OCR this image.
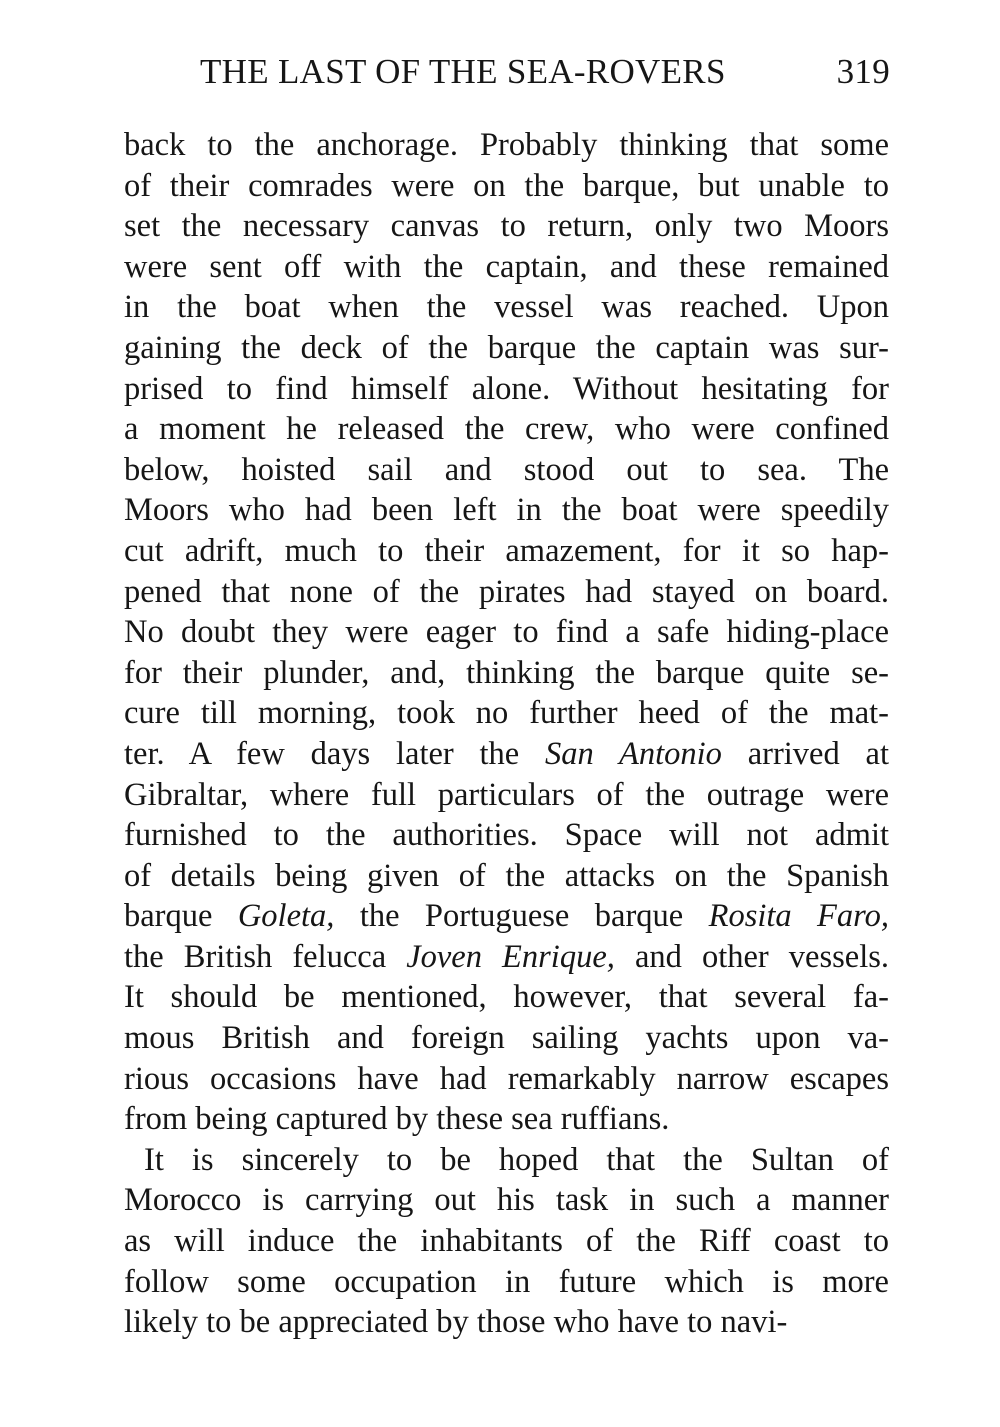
THE LAST OF THE SEA-ROVERS	319
back to the anchorage. Probably thinking that some
of their comrades were on the barque, but unable to
set the necessary canvas to return, only two Moors
were sent off with the captain, and these remained
in the boat when the vessel was reached. Upon
gaining the deck of the barque the captain was sur-
prised to find himself alone. Without hesitating for
a moment he released the crew, who were confined
below, hoisted sail and stood out to sea. The
Moors who had been left in the boat were speedily
cut adrift, much to their amazement, for it so hap-
pened that none of the pirates had stayed on board.
No doubt they were eager to find a safe hiding-place
for their plunder, and, thinking the barque quite se-
cure till morning, took no further heed of the mat-
ter. A few days later the San Antonio arrived at
Gibraltar, where full particulars of the outrage were
furnished to the authorities. Space will not admit
of details being given of the attacks on the Spanish
barque Goleta, the Portuguese barque Rosita Faro,
the British felucca Joven Enrique, and other vessels.
It should be mentioned, however, that several fa-
mous British and foreign sailing yachts upon va-
rious occasions have had remarkably narrow escapes
from being captured by these sea ruffians.
It is sincerely to be hoped that the Sultan of
Morocco is carrying out his task in such a manner
as will induce the inhabitants of the Riff coast to
follow some occupation in future which is more
likely to be appreciated by those who have to navi-
